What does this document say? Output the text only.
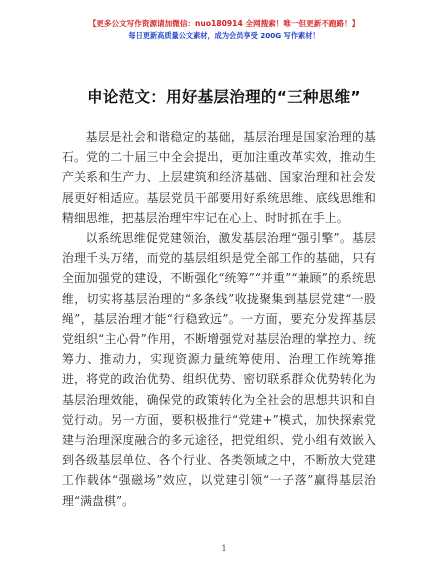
【更多公文写作资源请加微信：nuo180914 全网搜索！唯一但更新不跑路！】
每日更新高质量公文素材，成为会员享受 200G 写作素材！
申论范文：用好基层治理的“三种思维”

基层是社会和谐稳定的基础，基层治理是国家治理的基石。党的二十届三中全会提出，更加注重改革实效，推动生产关系和生产力、上层建筑和经济基础、国家治理和社会发展更好相适应。基层党员干部要用好系统思维、底线思维和精细思维，把基层治理牢牢记在心上、时时抓在手上。

以系统思维促党建领治，激发基层治理“强引擎”。基层治理千头万绪，而党的基层组织是党全部工作的基础，只有全面加强党的建设，不断强化“统筹”“并重”“兼顾”的系统思维，切实将基层治理的“多条线”收拢聚集到基层党建“一股绳”，基层治理才能“行稳致远”。一方面，要充分发挥基层党组织“主心骨”作用，不断增强党对基层治理的掌控力、统筹力、推动力，实现资源力量统筹使用、治理工作统筹推进，将党的政治优势、组织优势、密切联系群众优势转化为基层治理效能，确保党的政策转化为全社会的思想共识和自觉行动。另一方面，要积极推行“党建+”模式，加快探索党建与治理深度融合的多元途径，把党组织、党小组有效嵌入到各级基层单位、各个行业、各类领域之中，不断放大党建工作载体“强磁场”效应，以党建引领“一子落”赢得基层治理“满盘棋”。

1
